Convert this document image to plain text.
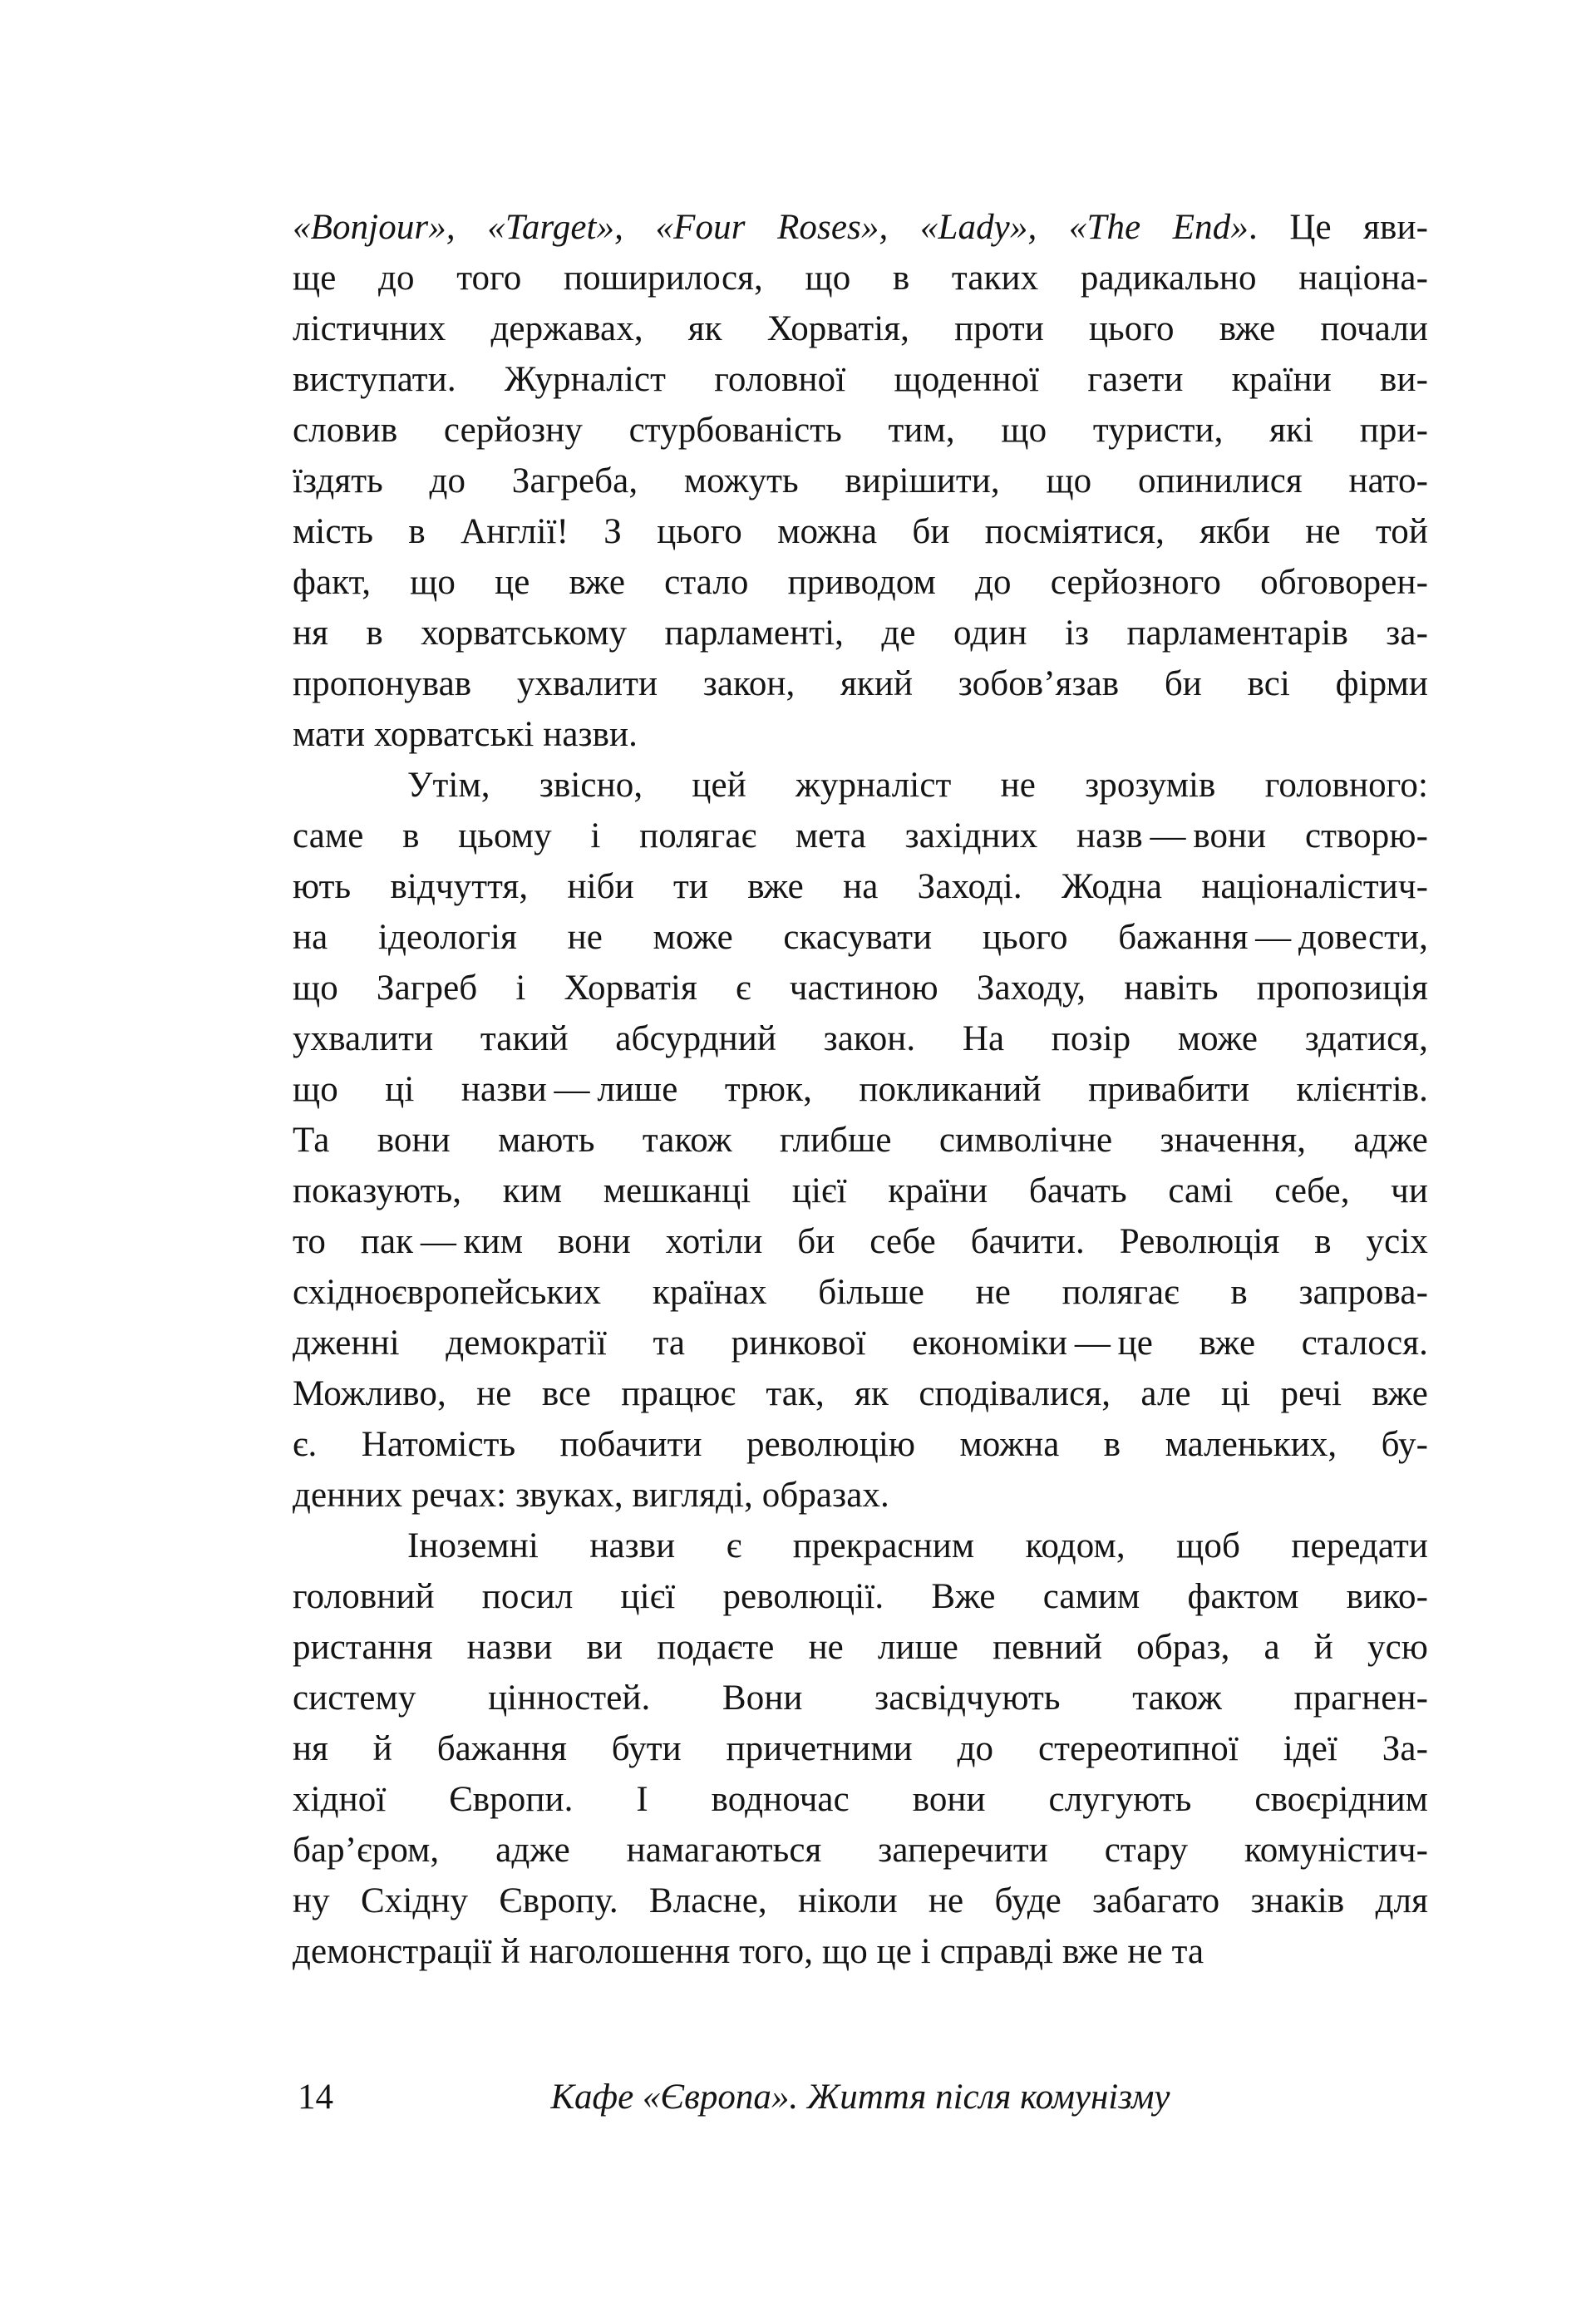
«Bonjour», «Target», «Four Roses», «Lady», «The End». Це яви-
ще до того поширилося, що в таких радикально націона-
лістичних державах, як Хорватія, проти цього вже почали
виступати. Журналіст головної щоденної газети країни ви-
словив серйозну стурбованість тим, що туристи, які при-
їздять до Загреба, можуть вирішити, що опинилися нато-
мість в Англії! З цього можна би посміятися, якби не той
факт, що це вже стало приводом до серйозного обговорен-
ня в хорватському парламенті, де один із парламентарів за-
пропонував ухвалити закон, який зобов’язав би всі фірми
мати хорватські назви.
Утім, звісно, цей журналіст не зрозумів головного:
саме в цьому і полягає мета західних назв — вони створю-
ють відчуття, ніби ти вже на Заході. Жодна націоналістич-
на ідеологія не може скасувати цього бажання — довести,
що Загреб і Хорватія є частиною Заходу, навіть пропозиція
ухвалити такий абсурдний закон. На позір може здатися,
що ці назви — лише трюк, покликаний привабити клієнтів.
Та вони мають також глибше символічне значення, адже
показують, ким мешканці цієї країни бачать самі себе, чи
то пак — ким вони хотіли би себе бачити. Революція в усіх
східноєвропейських країнах більше не полягає в запрова-
дженні демократії та ринкової економіки — це вже сталося.
Можливо, не все працює так, як сподівалися, але ці речі вже
є. Натомість побачити революцію можна в маленьких, бу-
денних речах: звуках, вигляді, образах.
Іноземні назви є прекрасним кодом, щоб передати
головний посил цієї революції. Вже самим фактом вико-
ристання назви ви подаєте не лише певний образ, а й усю
систему цінностей. Вони засвідчують також прагнен-
ня й бажання бути причетними до стереотипної ідеї За-
хідної Європи. І водночас вони слугують своєрідним
бар’єром, адже намагаються заперечити стару комуністич-
ну Східну Європу. Власне, ніколи не буде забагато знаків для
демонстрації й наголошення того, що це і справді вже не та
14	Кафе «Європа». Життя після комунізму
